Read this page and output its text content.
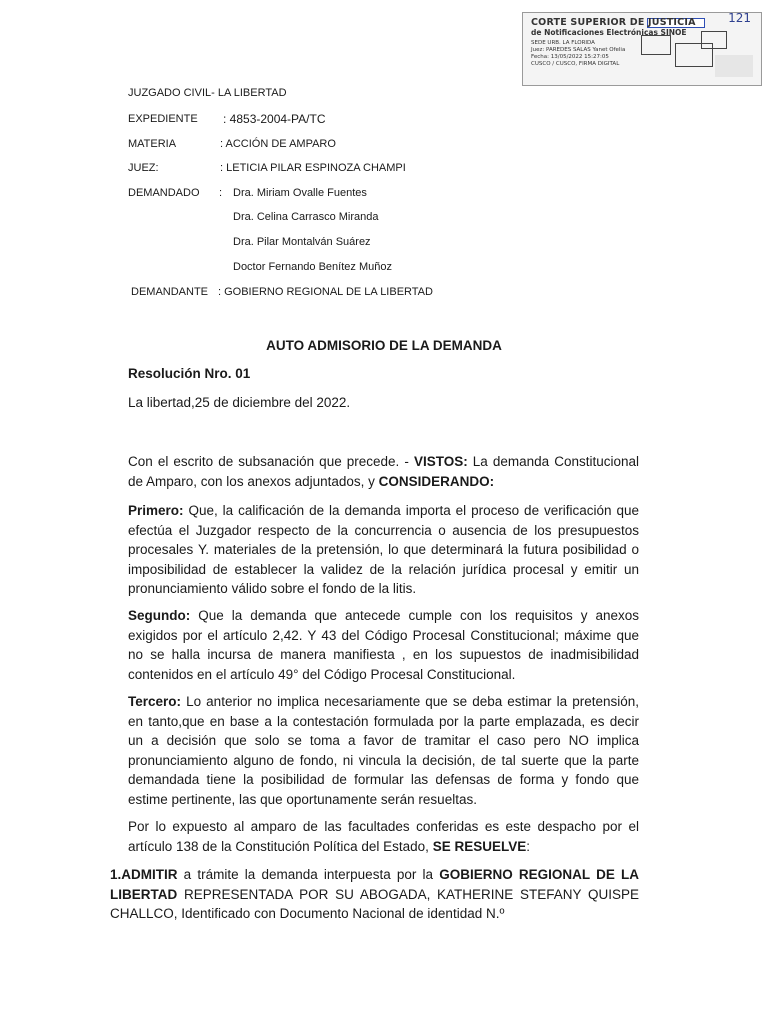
CORTE SUPERIOR DE JUSTICIA
de Notificaciones Electrónicas SINOE
SEDE URB. LA FLORIDA
Juez: PAREDES SALAS Yanet Ofelia
Fecha: 13/05/2022 15:27:05
CUSCO / CUSCO, FIRMA DIGITAL
121
JUZGADO CIVIL- LA LIBERTAD
EXPEDIENTE : 4853-2004-PA/TC
MATERIA	: ACCIÓN DE AMPARO
JUEZ:	: LETICIA PILAR ESPINOZA CHAMPI
DEMANDADO : Dra. Miriam Ovalle Fuentes
Dra. Celina Carrasco Miranda
Dra. Pilar Montalván Suárez
Doctor Fernando Benítez Muñoz
DEMANDANTE : GOBIERNO REGIONAL DE LA LIBERTAD
AUTO ADMISORIO DE LA DEMANDA
Resolución Nro. 01
La libertad,25 de diciembre del 2022.
Con el escrito de subsanación que precede. - VISTOS: La demanda Constitucional de Amparo, con los anexos adjuntados, y CONSIDERANDO:
Primero: Que, la calificación de la demanda importa el proceso de verificación que efectúa el Juzgador respecto de la concurrencia o ausencia de los presupuestos procesales Y. materiales de la pretensión, lo que determinará la futura posibilidad o imposibilidad de establecer la validez de la relación jurídica procesal y emitir un pronunciamiento válido sobre el fondo de la litis.
Segundo: Que la demanda que antecede cumple con los requisitos y anexos exigidos por el artículo 2,42. Y 43 del Código Procesal Constitucional; máxime que no se halla incursa de manera manifiesta , en los supuestos de inadmisibilidad contenidos en el artículo 49° del Código Procesal Constitucional.
Tercero: Lo anterior no implica necesariamente que se deba estimar la pretensión, en tanto,que en base a la contestación formulada por la parte emplazada, es decir un a decisión que solo se toma a favor de tramitar el caso pero NO implica pronunciamiento alguno de fondo, ni vincula la decisión, de tal suerte que la parte demandada tiene la posibilidad de formular las defensas de forma y fondo que estime pertinente, las que oportunamente serán resueltas.
Por lo expuesto al amparo de las facultades conferidas es este despacho por el artículo 138 de la Constitución Política del Estado, SE RESUELVE:
1.ADMITIR a trámite la demanda interpuesta por la GOBIERNO REGIONAL DE LA LIBERTAD REPRESENTADA POR SU ABOGADA, KATHERINE STEFANY QUISPE CHALLCO, Identificado con Documento Nacional de identidad N.º
